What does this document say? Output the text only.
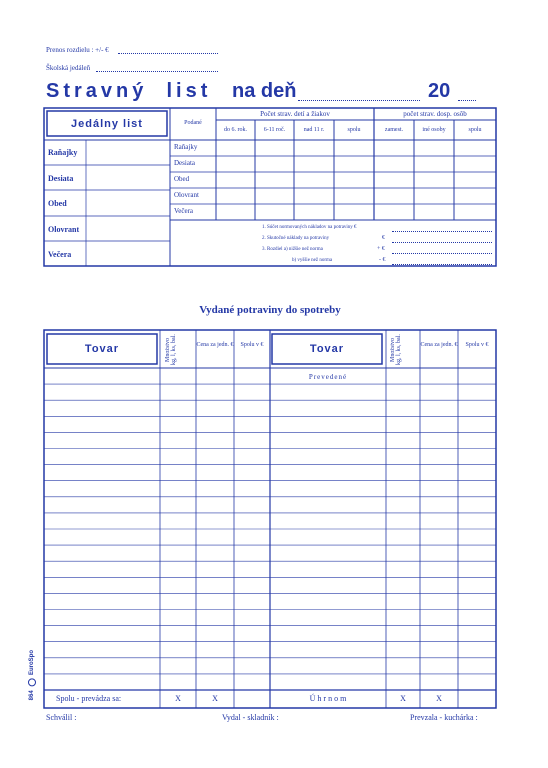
Prenos rozdielu : +/- €
Školská jedáleň
Stravný  list na deň	20
Jedálny list	Podané
Počet strav. detí a žiakov
do 6. rok.	6-11 roč.	nad 11 r.	spolu
počet strav. dosp. osôb
zamest.	iné osoby	spolu
Raňajky
Desiata
Obed
Olovrant
Večera
Raňajky
Desiata
Obed
Olovrant
Večera
1. Súčet normovaných nákladov na potraviny €
2. Skutočné náklady na potraviny	€
3. Rozdiel a) nižšie než norma	+ €
b) vyššie než norma	- €
Vydané potraviny do spotreby
Tovar	Množstvo kg, l, ks, bal.	Cena za jedn. €	Spolu v €	Tovar	Množstvo kg, l, ks, bal.	Cena za jedn. €	Spolu v €
Prevedené
Spolu - prevádza sa:	X	X	Ú h r n o m	X	X
Schválil :	Vydal - skladník :	Prevzala - kuchárka :
864  EuroSpo
